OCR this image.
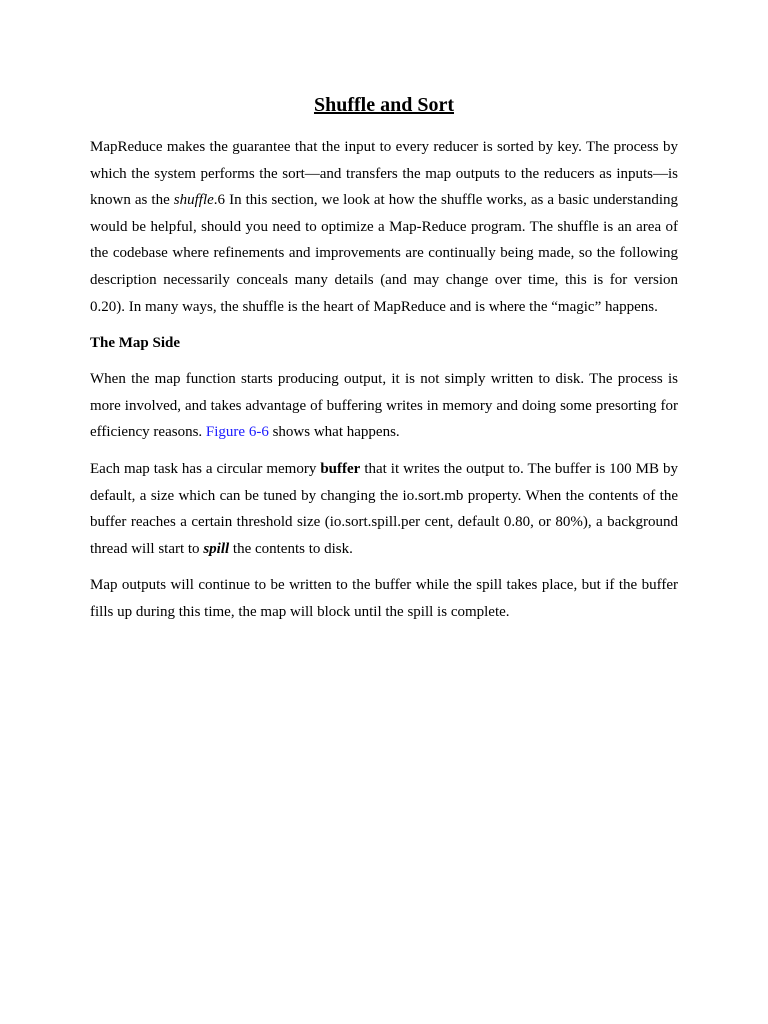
Shuffle and Sort

MapReduce makes the guarantee that the input to every reducer is sorted by key. The process by which the system performs the sort—and transfers the map outputs to the reducers as inputs—is known as the shuffle.6 In this section, we look at how the shuffle works, as a basic understanding would be helpful, should you need to optimize a Map-Reduce program. The shuffle is an area of the codebase where refinements and improvements are continually being made, so the following description necessarily conceals many details (and may change over time, this is for version 0.20). In many ways, the shuffle is the heart of MapReduce and is where the “magic” happens.

The Map Side

When the map function starts producing output, it is not simply written to disk. The process is more involved, and takes advantage of buffering writes in memory and doing some presorting for efficiency reasons. Figure 6-6 shows what happens.

Each map task has a circular memory buffer that it writes the output to. The buffer is 100 MB by default, a size which can be tuned by changing the io.sort.mb property. When the contents of the buffer reaches a certain threshold size (io.sort.spill.per cent, default 0.80, or 80%), a background thread will start to spill the contents to disk.

Map outputs will continue to be written to the buffer while the spill takes place, but if the buffer fills up during this time, the map will block until the spill is complete.
